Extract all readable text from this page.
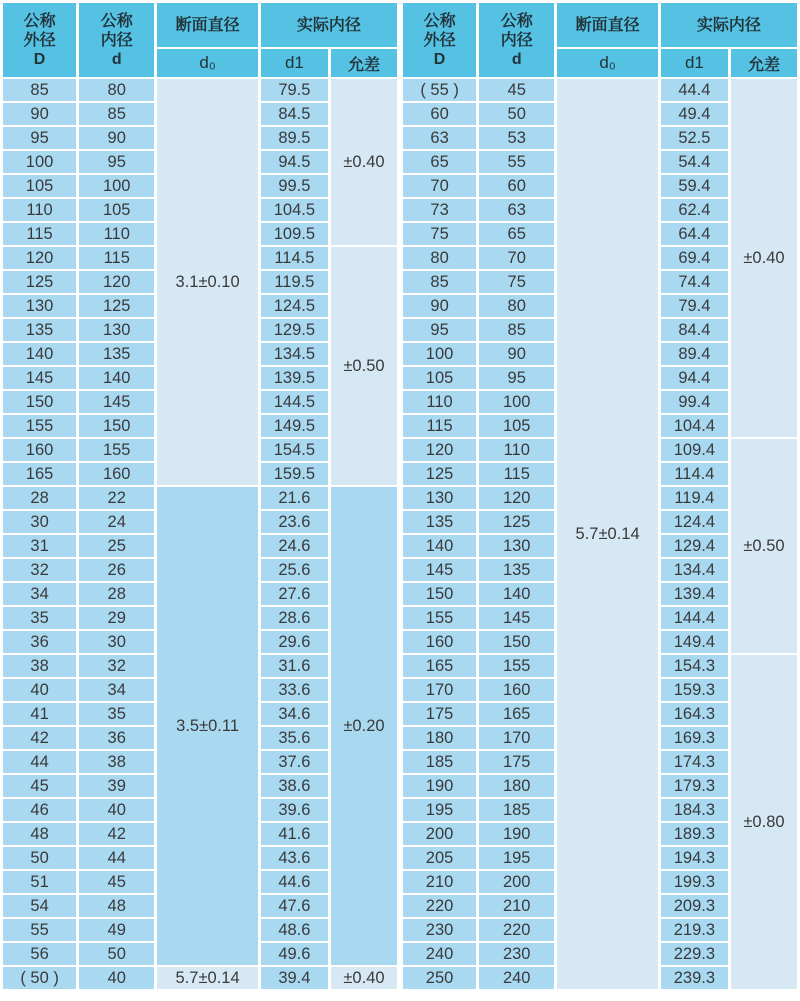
公称
外径
D

公称
内径
d
	断面直径	实际内径
		d₀	d1	允差
85	80	3.1±0.10	79.5	±0.40
90	85		84.5	
95	90		89.5	
100	95		94.5	
105	100		99.5	
110	105		104.5	
115	110		109.5	
120	115		114.5	±0.50
125	120		119.5	
130	125		124.5	
135	130		129.5	
140	135		134.5	
145	140		139.5	
150	145		144.5	
155	150		149.5	
160	155		154.5	
165	160		159.5	
28	22	3.5±0.11	21.6	±0.20
30	24		23.6	
31	25		24.6	
32	26		25.6	
34	28		27.6	
35	29		28.6	
36	30		29.6	
38	32		31.6	
40	34		33.6	
41	35		34.6	
42	36		35.6	
44	38		37.6	
45	39		38.6	
46	40		39.6	
48	42		41.6	
50	44		43.6	
51	45		44.6	
54	48		47.6	
55	49		48.6	
56	50		49.6	
( 50 )	40	5.7±0.14	39.4	±0.40
公称
外径
D

公称
内径
d
	断面直径	实际内径
		d₀	d1	允差
( 55 )	45	5.7±0.14	44.4	±0.40
60	50		49.4	
63	53		52.5	
65	55		54.4	
70	60		59.4	
73	63		62.4	
75	65		64.4	
80	70		69.4	
85	75		74.4	
90	80		79.4	
95	85		84.4	
100	90		89.4	
105	95		94.4	
110	100		99.4	
115	105		104.4	
120	110		109.4	±0.50
125	115		114.4	
130	120		119.4	
135	125		124.4	
140	130		129.4	
145	135		134.4	
150	140		139.4	
155	145		144.4	
160	150		149.4	
165	155		154.3	±0.80
170	160		159.3	
175	165		164.3	
180	170		169.3	
185	175		174.3	
190	180		179.3	
195	185		184.3	
200	190		189.3	
205	195		194.3	
210	200		199.3	
220	210		209.3	
230	220		219.3	
240	230		229.3	
250	240		239.3	
